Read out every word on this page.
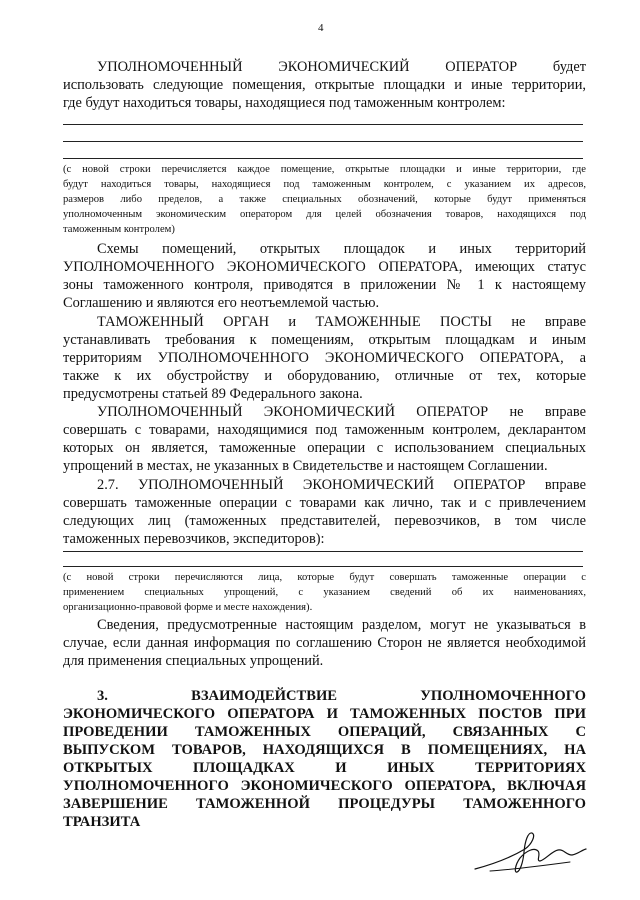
4

УПОЛНОМОЧЕННЫЙ ЭКОНОМИЧЕСКИЙ ОПЕРАТОР будет

использовать следующие помещения, открытые площадки и иные территории,

где будут находиться товары, находящиеся под таможенным контролем:

(с новой строки перечисляется каждое помещение, открытые площадки и иные территории, где

будут находиться товары, находящиеся под таможенным контролем, с указанием их адресов,

размеров либо пределов, а также специальных обозначений, которые будут применяться

уполномоченным экономическим оператором для целей обозначения товаров, находящихся под

таможенным контролем)

Схемы помещений, открытых площадок и иных территорий

УПОЛНОМОЧЕННОГО ЭКОНОМИЧЕСКОГО ОПЕРАТОРА, имеющих статус

зоны таможенного контроля, приводятся в приложении № 1 к настоящему

Соглашению и являются его неотъемлемой частью.

ТАМОЖЕННЫЙ ОРГАН и ТАМОЖЕННЫЕ ПОСТЫ не вправе

устанавливать требования к помещениям, открытым площадкам и иным

территориям УПОЛНОМОЧЕННОГО ЭКОНОМИЧЕСКОГО ОПЕРАТОРА, а

также к их обустройству и оборудованию, отличные от тех, которые

предусмотрены статьей 89 Федерального закона.

УПОЛНОМОЧЕННЫЙ ЭКОНОМИЧЕСКИЙ ОПЕРАТОР не вправе

совершать с товарами, находящимися под таможенным контролем, декларантом

которых он является, таможенные операции с использованием специальных

упрощений в местах, не указанных в Свидетельстве и настоящем Соглашении.

2.7. УПОЛНОМОЧЕННЫЙ ЭКОНОМИЧЕСКИЙ ОПЕРАТОР вправе

совершать таможенные операции с товарами как лично, так и с привлечением

следующих лиц (таможенных представителей, перевозчиков, в том числе

таможенных перевозчиков, экспедиторов):

(с новой строки перечисляются лица, которые будут совершать таможенные операции с

применением специальных упрощений, с указанием сведений об их наименованиях,

организационно-правовой форме и месте нахождения).

Сведения, предусмотренные настоящим разделом, могут не указываться в

случае, если данная информация по соглашению Сторон не является необходимой

для применения специальных упрощений.

3. ВЗАИМОДЕЙСТВИЕ УПОЛНОМОЧЕННОГО

ЭКОНОМИЧЕСКОГО ОПЕРАТОРА И ТАМОЖЕННЫХ ПОСТОВ ПРИ

ПРОВЕДЕНИИ ТАМОЖЕННЫХ ОПЕРАЦИЙ, СВЯЗАННЫХ С

ВЫПУСКОМ ТОВАРОВ, НАХОДЯЩИХСЯ В ПОМЕЩЕНИЯХ, НА

ОТКРЫТЫХ ПЛОЩАДКАХ И ИНЫХ ТЕРРИТОРИЯХ

УПОЛНОМОЧЕННОГО ЭКОНОМИЧЕСКОГО ОПЕРАТОРА, ВКЛЮЧАЯ

ЗАВЕРШЕНИЕ ТАМОЖЕННОЙ ПРОЦЕДУРЫ ТАМОЖЕННОГО

ТРАНЗИТА
